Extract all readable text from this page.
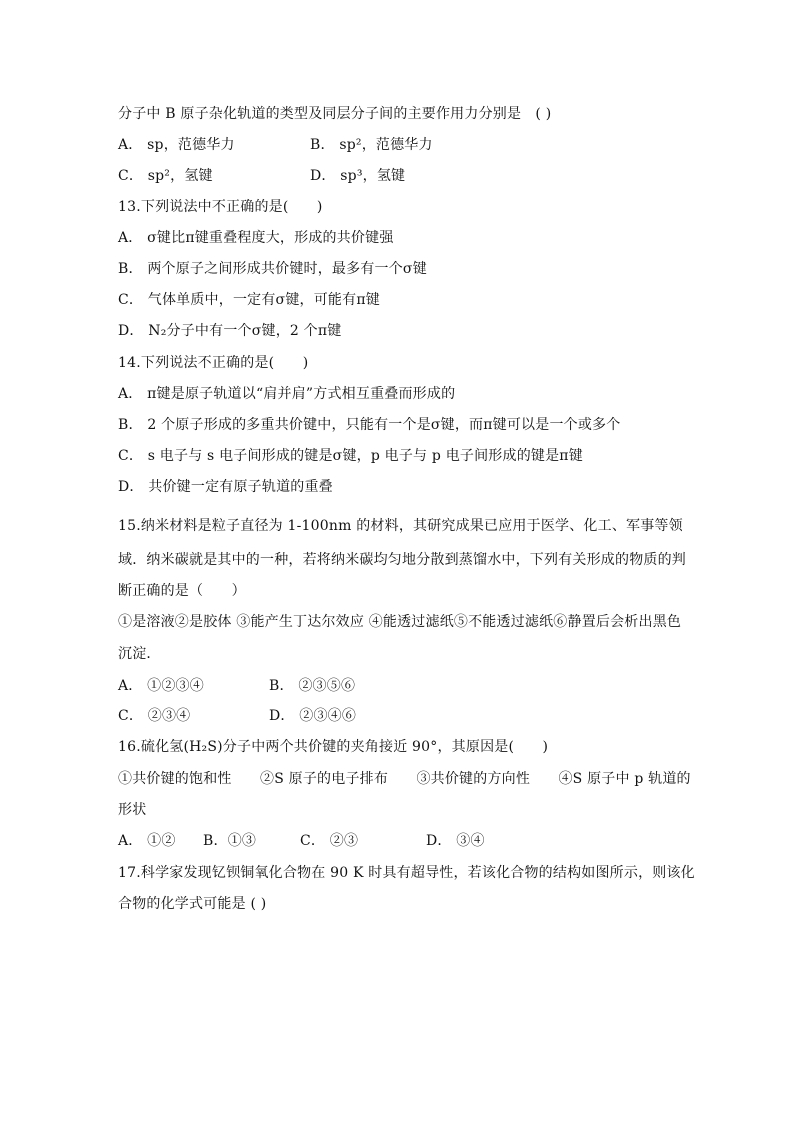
分子中 B 原子杂化轨道的类型及同层分子间的主要作用力分别是　( )
A． sp，范德华力	B． sp²，范德华力
C． sp²，氢键	D． sp³，氢键
13.下列说法中不正确的是(　　)
A． σ键比π键重叠程度大，形成的共价键强
B． 两个原子之间形成共价键时，最多有一个σ键
C． 气体单质中，一定有σ键，可能有π键
D． N₂分子中有一个σ键，2 个π键
14.下列说法不正确的是(　　)
A． π键是原子轨道以“肩并肩”方式相互重叠而形成的
B． 2 个原子形成的多重共价键中，只能有一个是σ键，而π键可以是一个或多个
C． s 电子与 s 电子间形成的键是σ键，p 电子与 p 电子间形成的键是π键
D． 共价键一定有原子轨道的重叠
15.纳米材料是粒子直径为 1-100nm 的材料，其研究成果已应用于医学、化工、军事等领
域．纳米碳就是其中的一种，若将纳米碳均匀地分散到蒸馏水中，下列有关形成的物质的判
断正确的是（　　）
①是溶液②是胶体 ③能产生丁达尔效应 ④能透过滤纸⑤不能透过滤纸⑥静置后会析出黑色
沉淀．
A． ①②③④	B． ②③⑤⑥
C． ②③④	D． ②③④⑥
16.硫化氢(H₂S)分子中两个共价键的夹角接近 90°，其原因是(　　)
①共价键的饱和性　　②S 原子的电子排布　　③共价键的方向性　　④S 原子中 p 轨道的
形状
A． ①② B．①③	C． ②③	D． ③④
17.科学家发现钇钡铜氧化合物在 90 K 时具有超导性，若该化合物的结构如图所示，则该化
合物的化学式可能是 ( )
